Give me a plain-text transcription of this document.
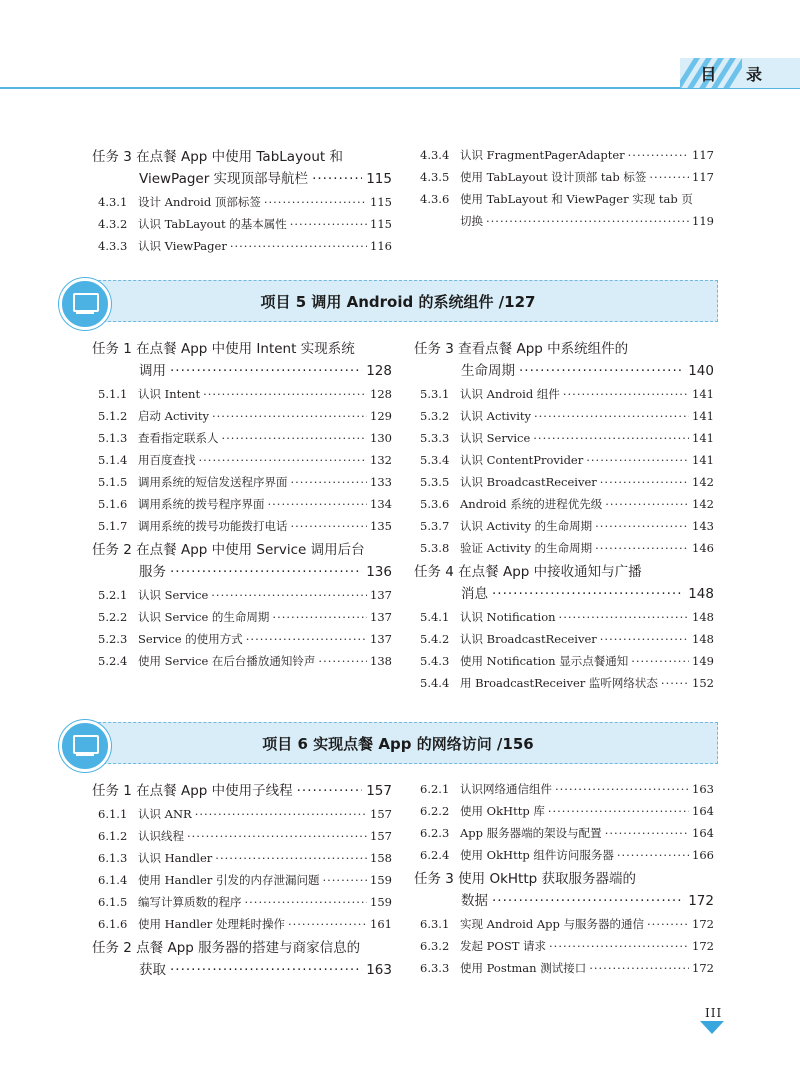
目 录
任务 3 在点餐 App 中使用 TabLayout 和
ViewPager 实现顶部导航栏 ·····	115
4.3.1 设计 Android 顶部标签 ·····	115
4.3.2 认识 TabLayout 的基本属性 ·····	115
4.3.3 认识 ViewPager ·····	116
4.3.4 认识 FragmentPagerAdapter ·····	117
4.3.5 使用 TabLayout 设计顶部 tab 标签 ·····	117
4.3.6 使用 TabLayout 和 ViewPager 实现 tab 页
切换 ·····	119
项目 5 调用 Android 的系统组件 /127
任务 1 在点餐 App 中使用 Intent 实现系统
调用 ·····	128
5.1.1 认识 Intent ·····	128
5.1.2 启动 Activity ·····	129
5.1.3 查看指定联系人 ·····	130
5.1.4 用百度查找 ·····	132
5.1.5 调用系统的短信发送程序界面 ·····	133
5.1.6 调用系统的拨号程序界面 ·····	134
5.1.7 调用系统的拨号功能拨打电话 ·····	135
任务 2 在点餐 App 中使用 Service 调用后台
服务 ·····	136
5.2.1 认识 Service ·····	137
5.2.2 认识 Service 的生命周期 ·····	137
5.2.3 Service 的使用方式 ·····	137
5.2.4 使用 Service 在后台播放通知铃声 ·····	138
任务 3 查看点餐 App 中系统组件的
生命周期 ·····	140
5.3.1 认识 Android 组件 ·····	141
5.3.2 认识 Activity ·····	141
5.3.3 认识 Service ·····	141
5.3.4 认识 ContentProvider ·····	141
5.3.5 认识 BroadcastReceiver ·····	142
5.3.6 Android 系统的进程优先级 ·····	142
5.3.7 认识 Activity 的生命周期 ·····	143
5.3.8 验证 Activity 的生命周期 ·····	146
任务 4 在点餐 App 中接收通知与广播
消息 ·····	148
5.4.1 认识 Notification ·····	148
5.4.2 认识 BroadcastReceiver ·····	148
5.4.3 使用 Notification 显示点餐通知 ·····	149
5.4.4 用 BroadcastReceiver 监听网络状态 ·····	152
项目 6 实现点餐 App 的网络访问 /156
任务 1 在点餐 App 中使用子线程 ·····	157
6.1.1 认识 ANR ·····	157
6.1.2 认识线程 ·····	157
6.1.3 认识 Handler ·····	158
6.1.4 使用 Handler 引发的内存泄漏问题 ·····	159
6.1.5 编写计算质数的程序 ·····	159
6.1.6 使用 Handler 处理耗时操作 ·····	161
任务 2 点餐 App 服务器的搭建与商家信息的
获取 ·····	163
6.2.1 认识网络通信组件 ·····	163
6.2.2 使用 OkHttp 库 ·····	164
6.2.3 App 服务器端的架设与配置 ·····	164
6.2.4 使用 OkHttp 组件访问服务器 ·····	166
任务 3 使用 OkHttp 获取服务器端的
数据 ·····	172
6.3.1 实现 Android App 与服务器的通信 ·····	172
6.3.2 发起 POST 请求 ·····	172
6.3.3 使用 Postman 测试接口 ·····	172
III
